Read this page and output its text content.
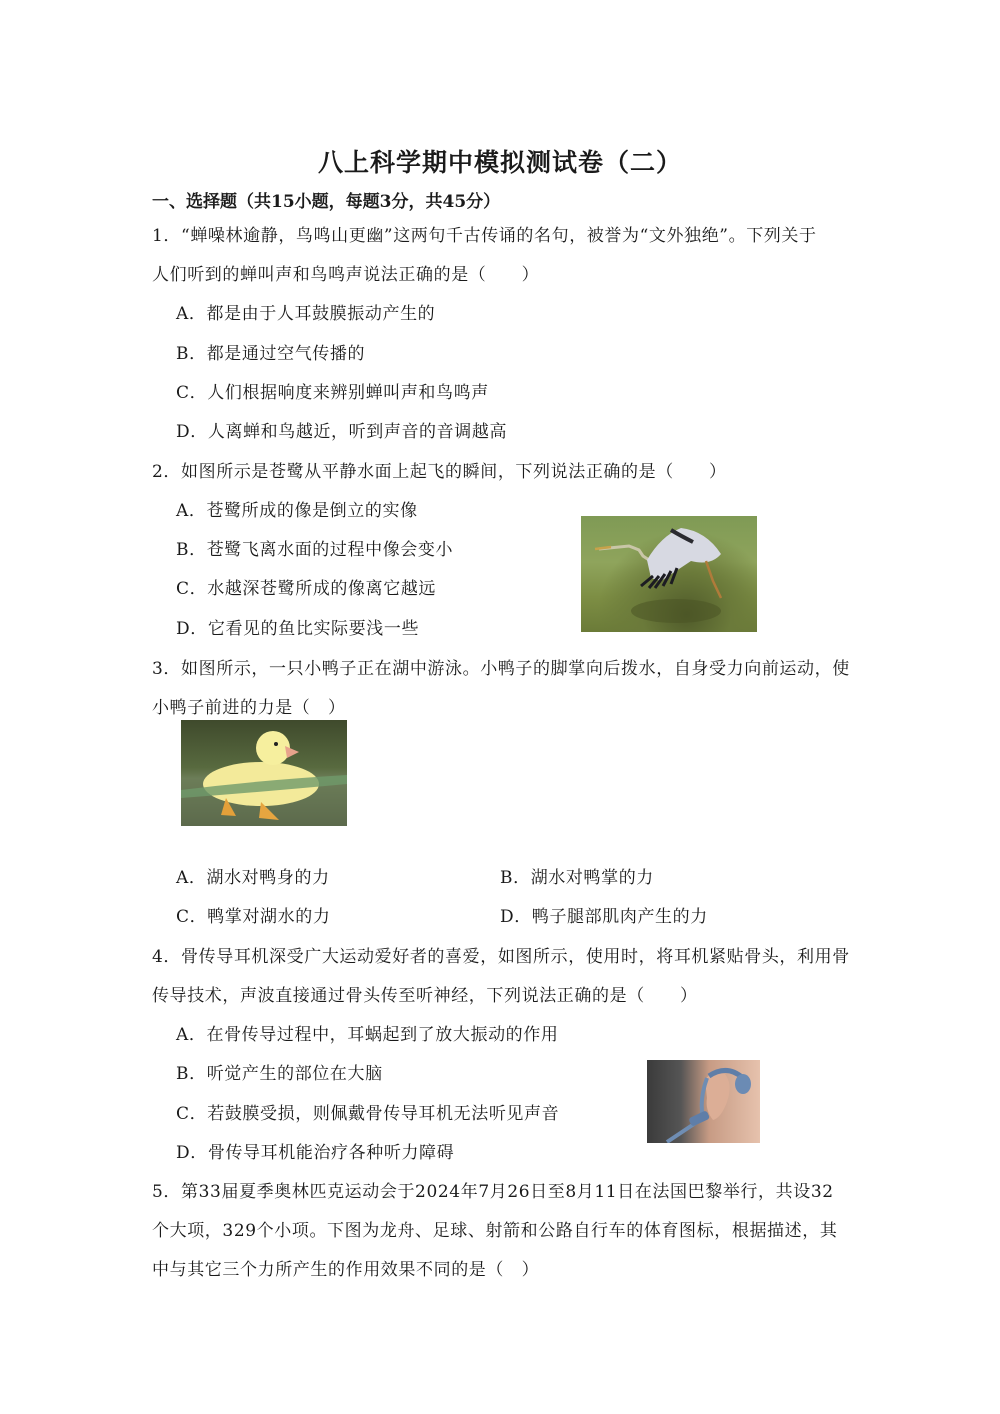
八上科学期中模拟测试卷（二）
一、选择题（共15小题，每题3分，共45分）
1．“蝉噪林逾静，鸟鸣山更幽”这两句千古传诵的名句，被誉为“文外独绝”。下列关于
人们听到的蝉叫声和鸟鸣声说法正确的是（　　）
A．都是由于人耳鼓膜振动产生的
B．都是通过空气传播的
C．人们根据响度来辨别蝉叫声和鸟鸣声
D．人离蝉和鸟越近，听到声音的音调越高
2．如图所示是苍鹭从平静水面上起飞的瞬间，下列说法正确的是（　　）
A．苍鹭所成的像是倒立的实像
B．苍鹭飞离水面的过程中像会变小
C．水越深苍鹭所成的像离它越远
D．它看见的鱼比实际要浅一些
3．如图所示，一只小鸭子正在湖中游泳。小鸭子的脚掌向后拨水，自身受力向前运动，使
小鸭子前进的力是（　）
A．湖水对鸭身的力	B．湖水对鸭掌的力
C．鸭掌对湖水的力	D．鸭子腿部肌肉产生的力
4．骨传导耳机深受广大运动爱好者的喜爱，如图所示，使用时，将耳机紧贴骨头，利用骨
传导技术，声波直接通过骨头传至听神经，下列说法正确的是（　　）
A．在骨传导过程中，耳蜗起到了放大振动的作用
B．听觉产生的部位在大脑
C．若鼓膜受损，则佩戴骨传导耳机无法听见声音
D．骨传导耳机能治疗各种听力障碍
5．第33届夏季奥林匹克运动会于2024年7月26日至8月11日在法国巴黎举行，共设32
个大项，329个小项。下图为龙舟、足球、射箭和公路自行车的体育图标，根据描述，其
中与其它三个力所产生的作用效果不同的是（　）
